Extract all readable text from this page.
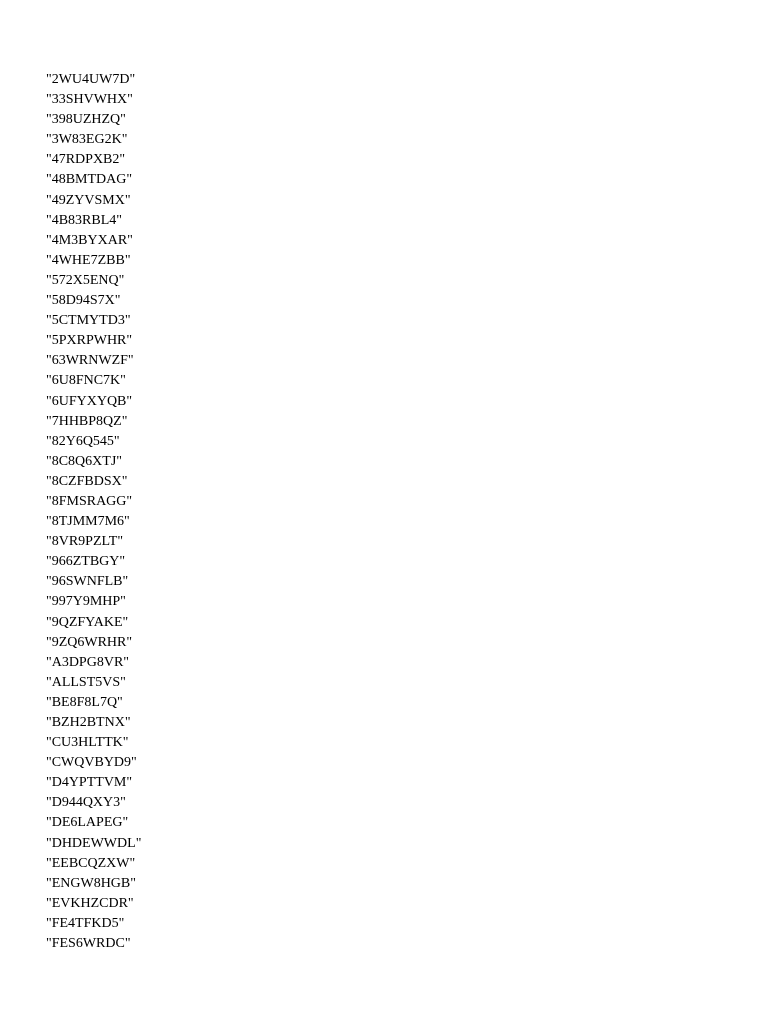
"2WU4UW7D"
"33SHVWHX"
"398UZHZQ"
"3W83EG2K"
"47RDPXB2"
"48BMTDAG"
"49ZYVSMX"
"4B83RBL4"
"4M3BYXAR"
"4WHE7ZBB"
"572X5ENQ"
"58D94S7X"
"5CTMYTD3"
"5PXRPWHR"
"63WRNWZF"
"6U8FNC7K"
"6UFYXYQB"
"7HHBP8QZ"
"82Y6Q545"
"8C8Q6XTJ"
"8CZFBDSX"
"8FMSRAGG"
"8TJMM7M6"
"8VR9PZLT"
"966ZTBGY"
"96SWNFLB"
"997Y9MHP"
"9QZFYAKE"
"9ZQ6WRHR"
"A3DPG8VR"
"ALLST5VS"
"BE8F8L7Q"
"BZH2BTNX"
"CU3HLTTK"
"CWQVBYD9"
"D4YPTTVM"
"D944QXY3"
"DE6LAPEG"
"DHDEWWDL"
"EEBCQZXW"
"ENGW8HGB"
"EVKHZCDR"
"FE4TFKD5"
"FES6WRDC"
